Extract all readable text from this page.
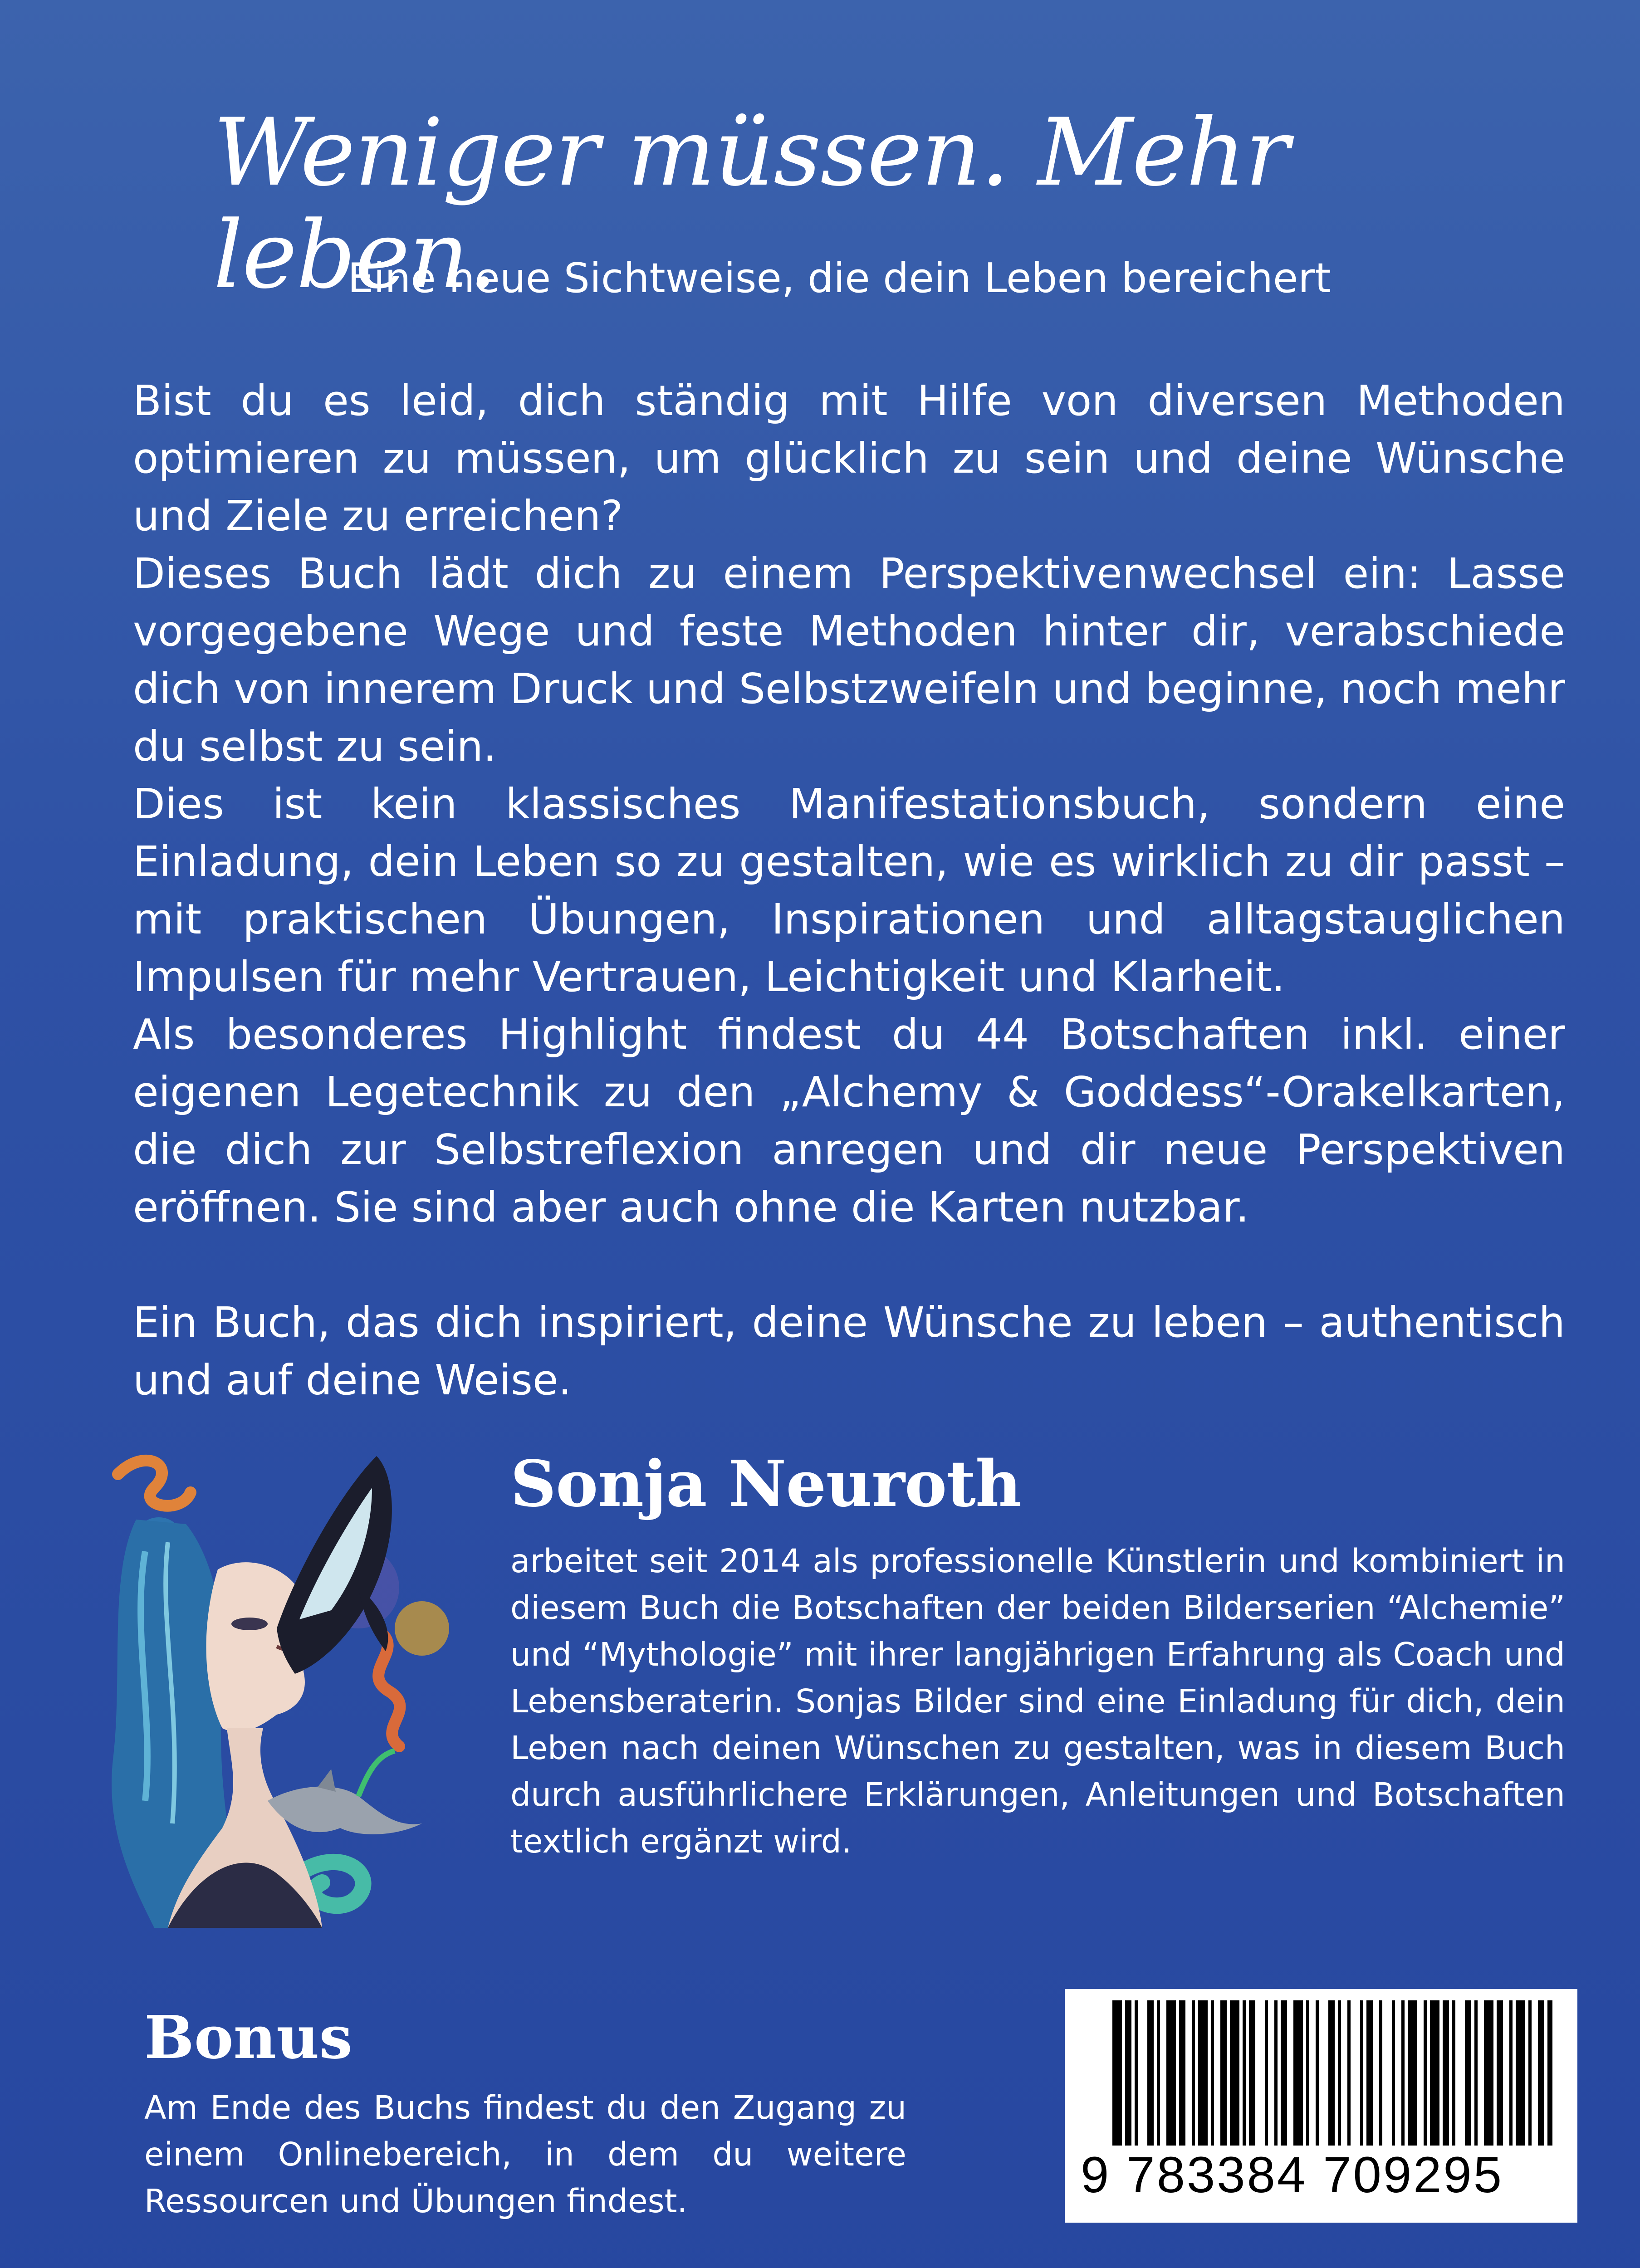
Weniger müssen. Mehr leben.
Eine neue Sichtweise, die dein Leben bereichert

Bist du es leid, dich ständig mit Hilfe von diversen Methoden optimieren zu müssen, um glücklich zu sein und deine Wünsche und Ziele zu erreichen?

Dieses Buch lädt dich zu einem Perspektivenwechsel ein: Lasse vorgegebene Wege und feste Methoden hinter dir, verabschiede dich von innerem Druck und Selbstzweifeln und beginne, noch mehr du selbst zu sein.

Dies ist kein klassisches Manifestationsbuch, sondern eine Einladung, dein Leben so zu gestalten, wie es wirklich zu dir passt – mit praktischen Übungen, Inspirationen und alltagstauglichen Impulsen für mehr Vertrauen, Leichtigkeit und Klarheit.

Als besonderes Highlight findest du 44 Botschaften inkl. einer eigenen Legetechnik zu den „Alchemy & Goddess“-Orakelkarten, die dich zur Selbstreflexion anregen und dir neue Perspektiven eröffnen. Sie sind aber auch ohne die Karten nutzbar.

Ein Buch, das dich inspiriert, deine Wünsche zu leben – authentisch und auf deine Weise.

Sonja Neuroth

arbeitet seit 2014 als professionelle Künstlerin und kombiniert in diesem Buch die Botschaften der beiden Bilderserien “Alchemie” und “Mythologie” mit ihrer langjährigen Erfahrung als Coach und Lebensberaterin. Sonjas Bilder sind eine Einladung für dich, dein Leben nach deinen Wünschen zu gestalten, was in diesem Buch durch ausführlichere Erklärungen, Anleitungen und Botschaften textlich ergänzt wird.

Bonus

Am Ende des Buchs findest du den Zugang zu einem Onlinebereich, in dem du weitere Ressourcen und Übungen findest.	9 783384 709295
